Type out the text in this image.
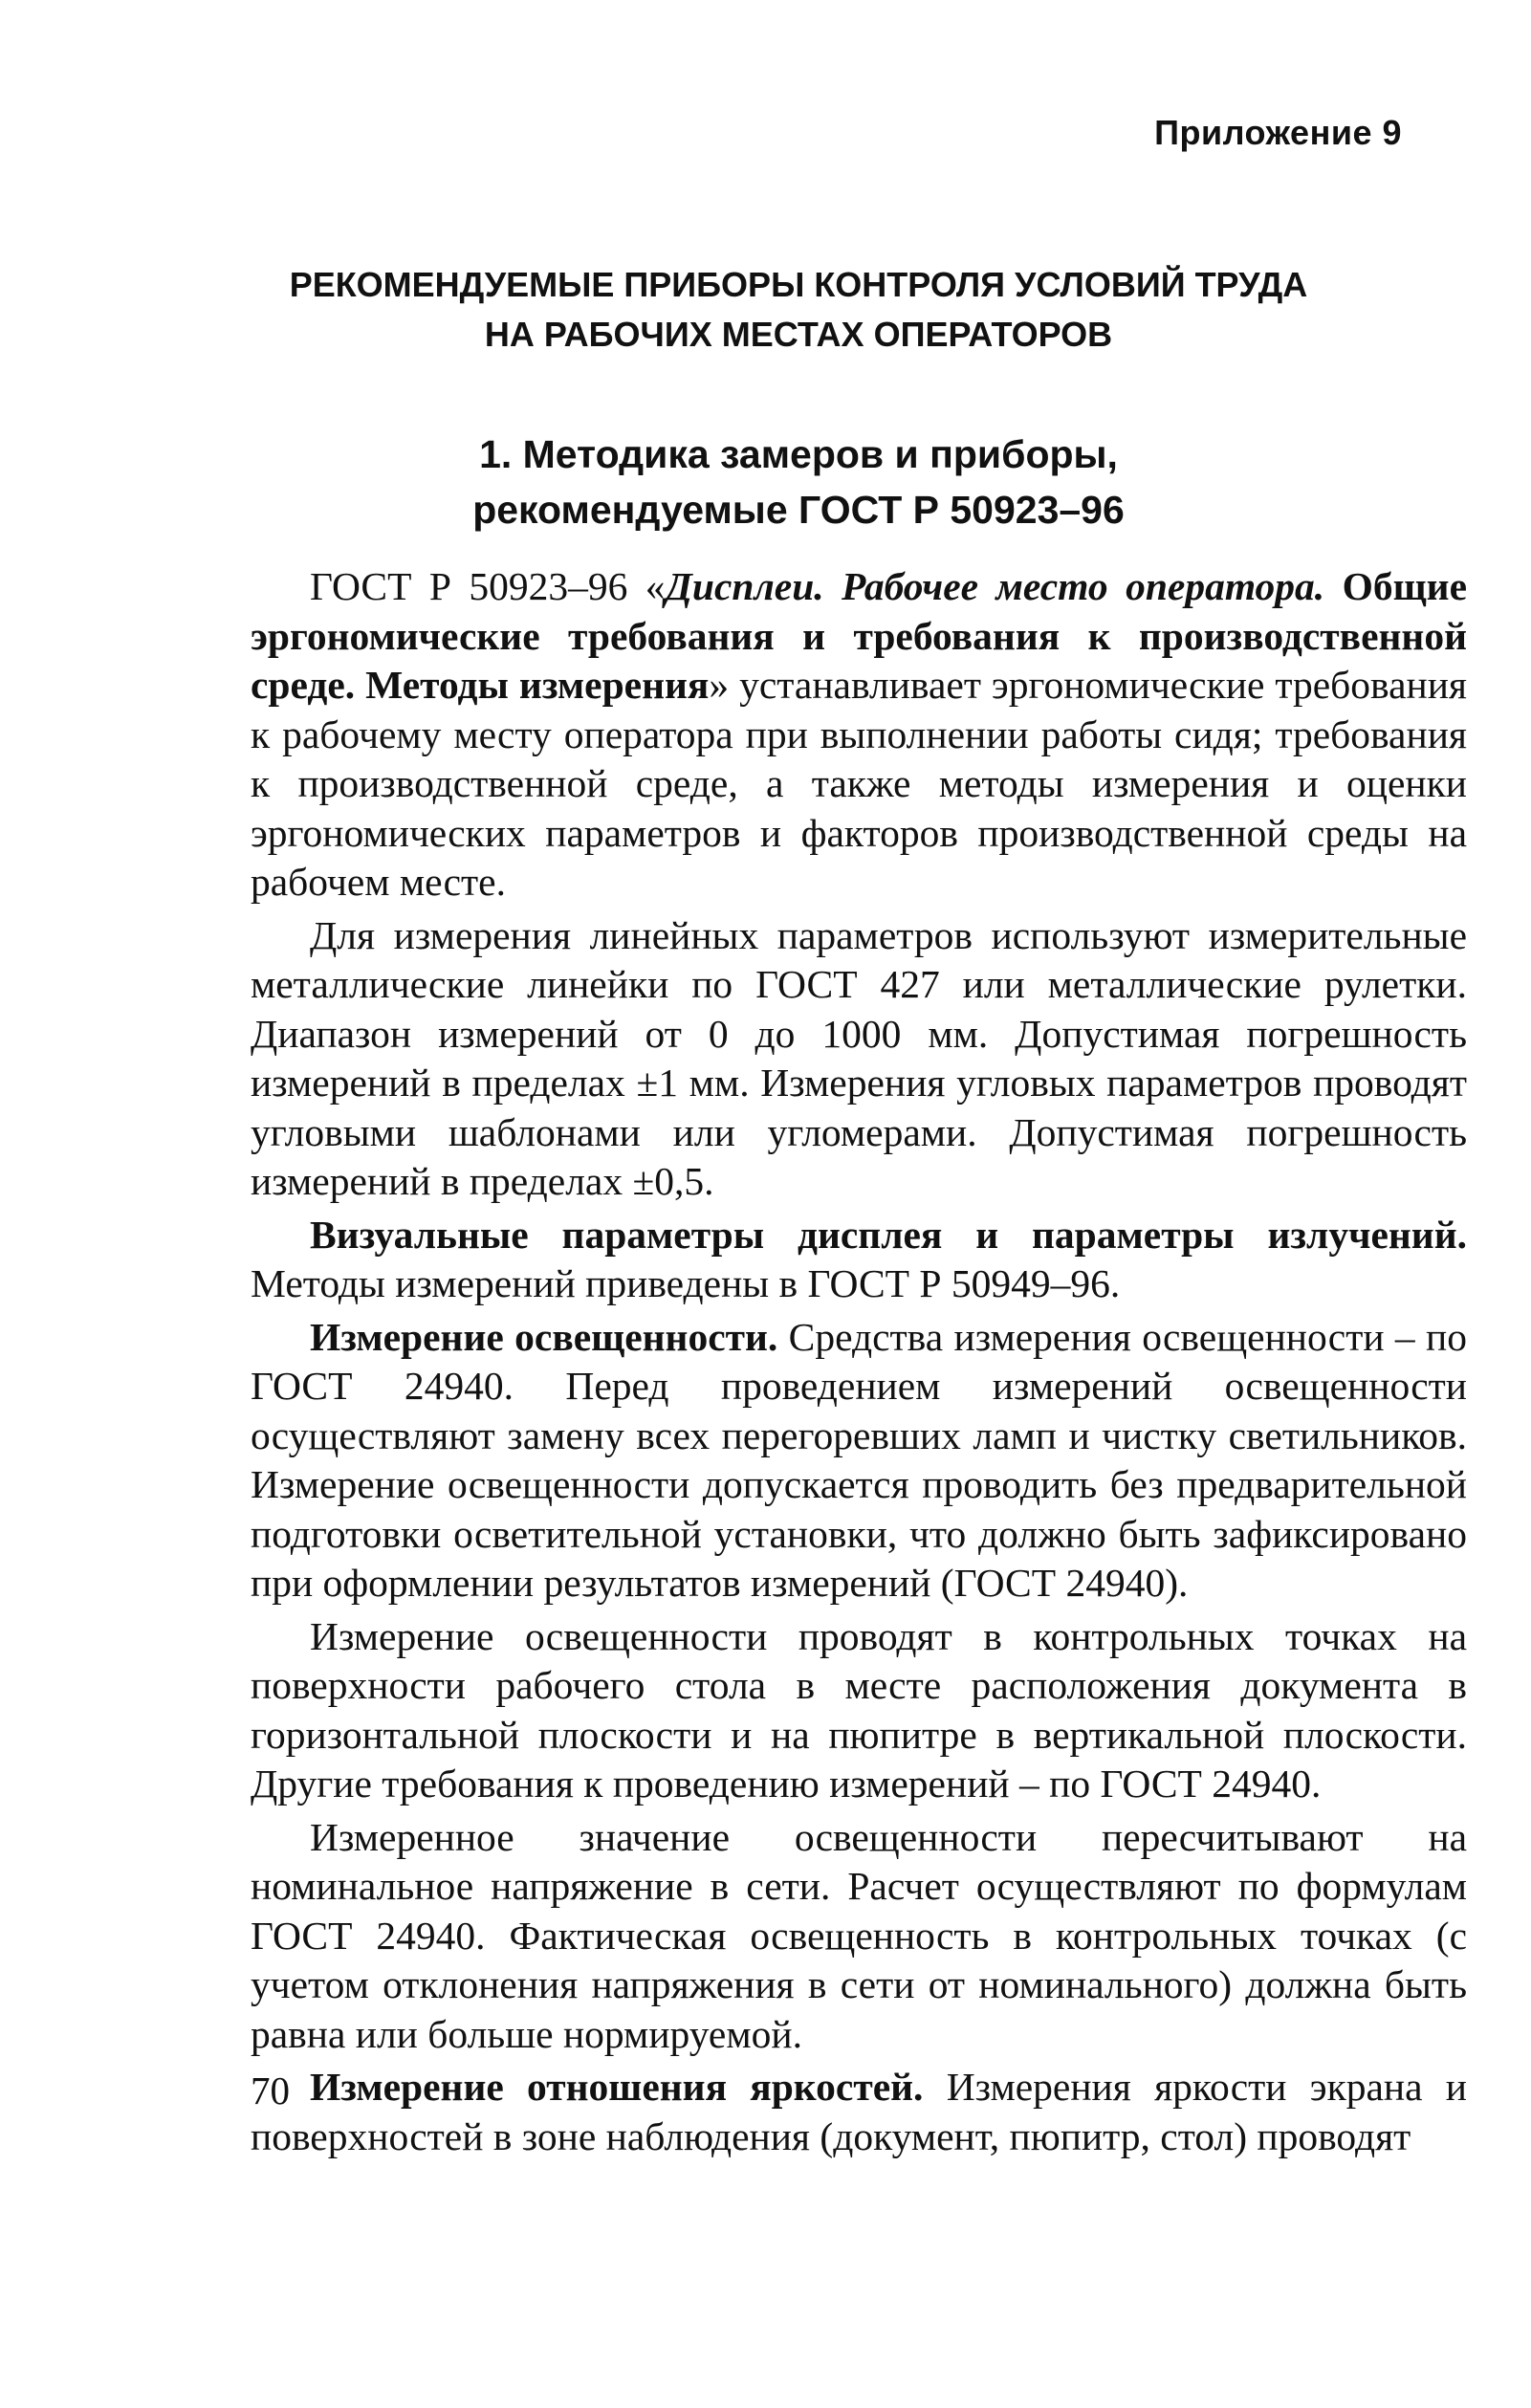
Приложение 9
РЕКОМЕНДУЕМЫЕ ПРИБОРЫ КОНТРОЛЯ УСЛОВИЙ ТРУДА
НА РАБОЧИХ МЕСТАХ ОПЕРАТОРОВ
1. Методика замеров и приборы,
рекомендуемые ГОСТ Р 50923–96

ГОСТ Р 50923–96 «Дисплеи. Рабочее место оператора. Общие эргономические требования и требования к производственной среде. Методы измерения» устанавливает эргономические требования к рабочему месту оператора при выполнении работы сидя; требования к производственной среде, а также методы измерения и оценки эргономических параметров и факторов производственной среды на рабочем месте.

Для измерения линейных параметров используют измерительные металлические линейки по ГОСТ 427 или металлические рулетки. Диапазон измерений от 0 до 1000 мм. Допустимая погрешность измерений в пределах ±1 мм. Измерения угловых параметров проводят угловыми шаблонами или угломерами. Допустимая погрешность измерений в пределах ±0,5.

Визуальные параметры дисплея и параметры излучений. Методы измерений приведены в ГОСТ Р 50949–96.

Измерение освещенности. Средства измерения освещенности – по ГОСТ 24940. Перед проведением измерений освещенности осуществляют замену всех перегоревших ламп и чистку светильников. Измерение освещенности допускается проводить без предварительной подготовки осветительной установки, что должно быть зафиксировано при оформлении результатов измерений (ГОСТ 24940).

Измерение освещенности проводят в контрольных точках на поверхности рабочего стола в месте расположения документа в горизонтальной плоскости и на пюпитре в вертикальной плоскости. Другие требования к проведению измерений – по ГОСТ 24940.

Измеренное значение освещенности пересчитывают на номинальное напряжение в сети. Расчет осуществляют по формулам ГОСТ 24940. Фактическая освещенность в контрольных точках (с учетом отклонения напряжения в сети от номинального) должна быть равна или больше нормируемой.

Измерение отношения яркостей. Измерения яркости экрана и поверхностей в зоне наблюдения (документ, пюпитр, стол) проводят

70
